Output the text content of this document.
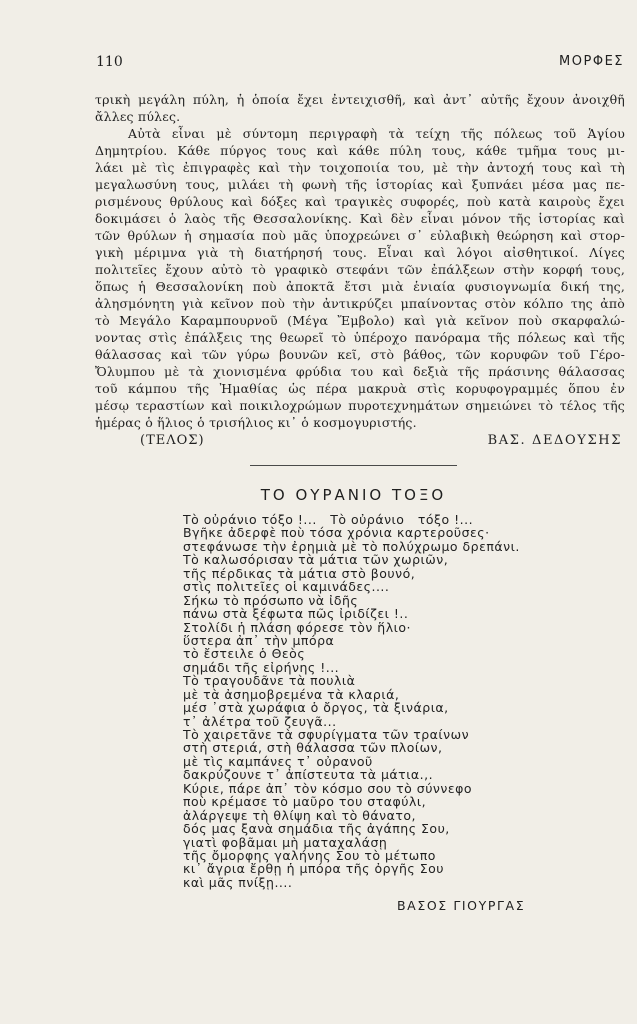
110	ΜΟΡΦΕΣ
τρικὴ μεγάλη πύλη, ἡ ὁποία ἔχει ἐντειχισθῆ, καὶ ἀντ᾿ αὐτῆς ἔχουν ἀνοιχθῆ
ἄλλες πύλες.
Αὐτὰ εἶναι μὲ σύντομη περιγραφὴ τὰ τείχη τῆς πόλεως τοῦ Ἁγίου
Δημητρίου. Κάθε πύργος τους καὶ κάθε πύλη τους, κάθε τμῆμα τους μι-
λάει μὲ τὶς ἐπιγραφὲς καὶ τὴν τοιχοποιία του, μὲ τὴν ἀντοχή τους καὶ τὴ
μεγαλωσύνη τους, μιλάει τὴ φωνὴ τῆς ἱστορίας καὶ ξυπνάει μέσα μας πε-
ρισμένους θρύλους καὶ δόξες καὶ τραγικὲς συφορές, ποὺ κατὰ καιροὺς ἔχει
δοκιμάσει ὁ λαὸς τῆς Θεσσαλονίκης. Καὶ δὲν εἶναι μόνον τῆς ἱστορίας καὶ
τῶν θρύλων ἡ σημασία ποὺ μᾶς ὑποχρεώνει σ᾿ εὐλαβικὴ θεώρηση καὶ στορ-
γικὴ μέριμνα γιὰ τὴ διατήρησή τους. Εἶναι καὶ λόγοι αἰσθητικοί. Λίγες
πολιτεῖες ἔχουν αὐτὸ τὸ γραφικὸ στεφάνι τῶν ἐπάλξεων στὴν κορφή τους,
ὅπως ἡ Θεσσαλονίκη ποὺ ἀποκτᾶ ἔτσι μιὰ ἑνιαία φυσιογνωμία δική της,
ἀλησμόνητη γιὰ κεῖνον ποὺ τὴν ἀντικρύζει μπαίνοντας στὸν κόλπο της ἀπὸ
τὸ Μεγάλο Καραμπουρνοῦ (Μέγα Ἔμβολο) καὶ γιὰ κεῖνον ποὺ σκαρφαλώ-
νοντας στὶς ἐπάλξεις της θεωρεῖ τὸ ὑπέροχο πανόραμα τῆς πόλεως καὶ τῆς
θάλασσας καὶ τῶν γύρω βουνῶν κεῖ, στὸ βάθος, τῶν κορυφῶν τοῦ Γέρο-
Ὄλυμπου μὲ τὰ χιονισμένα φρύδια του καὶ δεξιὰ τῆς πράσινης θάλασσας
τοῦ κάμπου τῆς Ἠμαθίας ὡς πέρα μακρυὰ στὶς κορυφογραμμές ὅπου ἐν
μέσῳ τεραστίων καὶ ποικιλοχρώμων πυροτεχνημάτων σημειώνει τὸ τέλος τῆς
ἡμέρας ὁ ἥλιος ὁ τρισήλιος κι᾿ ὁ κοσμογυριστής.
(ΤΕΛΟΣ)	ΒΑΣ. ΔΕΔΟΥΣΗΣ
ΤΟ ΟΥΡΑΝΙΟ ΤΟΞΟ
Τὸ οὐράνιο τόξο !...   Τὸ οὐράνιο   τόξο !...
Βγῆκε ἀδερφὲ ποὺ τόσα χρόνια καρτεροῦσες·
στεφάνωσε τὴν ἐρημιὰ μὲ τὸ πολύχρωμο δρεπάνι.
Τὸ καλωσόρισαν τὰ μάτια τῶν χωριῶν,
τῆς πέρδικας τὰ μάτια στὸ βουνό,
στὶς πολιτεῖες οἱ καμινάδες....
Σήκω τὸ πρόσωπο νὰ ἰδῆς
πάνω στὰ ξέφωτα πῶς ἰριδίζει !..
Στολίδι ἡ πλάση φόρεσε τὸν ἥλιο·
ὕστερα ἀπ᾿ τὴν μπόρα
τὸ ἔστειλε ὁ Θεὸς
σημάδι τῆς εἰρήνης !...
Τὸ τραγουδᾶνε τὰ πουλιὰ
μὲ τὰ ἀσημοβρεμένα τὰ κλαριά,
μέσ ᾿στὰ χωράφια ὁ ὄργος, τὰ ξινάρια,
τ᾿ ἀλέτρα τοῦ ζευγᾶ...
Τὸ χαιρετᾶνε τὰ σφυρίγματα τῶν τραίνων
στὴ στεριά, στὴ θάλασσα τῶν πλοίων,
μὲ τὶς καμπάνες τ᾿ οὐρανοῦ
δακρύζουνε τ᾿ ἀπίστευτα τὰ μάτια.,.
Κύριε, πάρε ἀπ᾿ τὸν κόσμο σου τὸ σύννεφο
ποὺ κρέμασε τὸ μαῦρο του σταφύλι,
ἀλάργεψε τὴ θλίψη καὶ τὸ θάνατο,
δός μας ξανὰ σημάδια τῆς ἀγάπης Σου,
γιατὶ φοβᾶμαι μὴ ματαχαλάσῃ
τῆς ὄμορφης γαλήνης Σου τὸ μέτωπο
κι᾿ ἄγρια ἔρθῃ ἡ μπόρα τῆς ὀργῆς Σου
καὶ μᾶς πνίξῃ....
ΒΑΣΟΣ ΓΙΟΥΡΓΑΣ
